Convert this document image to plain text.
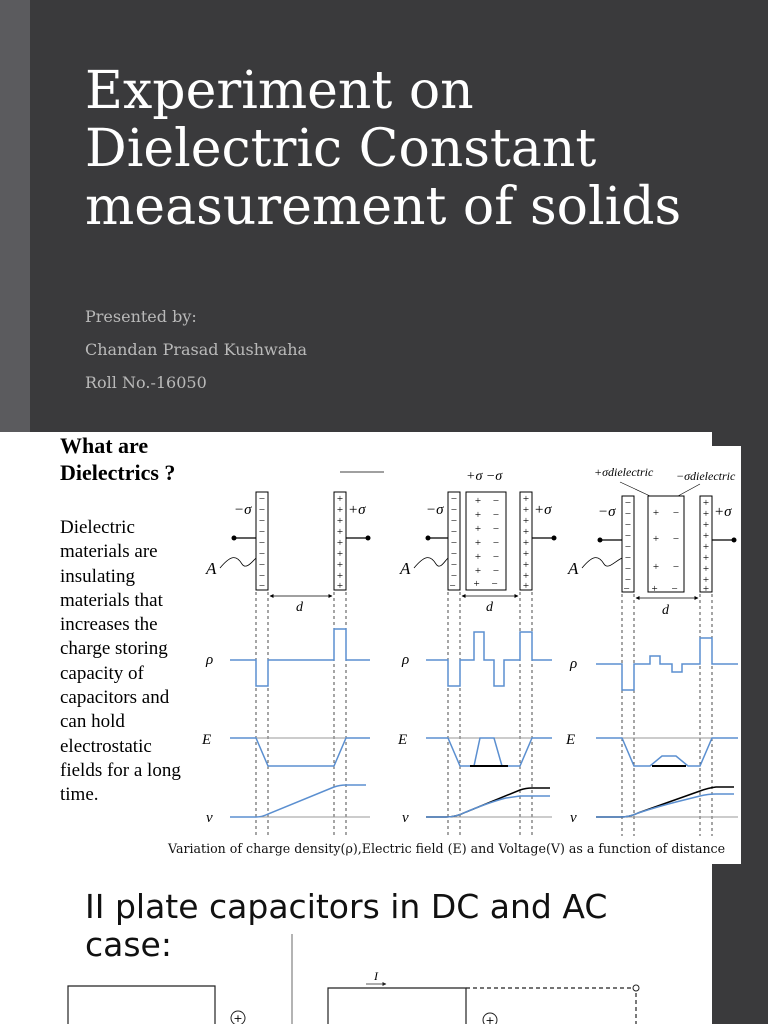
Experiment on Dielectric Constant measurement of solids
Presented by:
Chandan Prasad Kushwaha
Roll No.-16050
What are Dielectrics ?
Dielectric materials are insulating materials that increases the charge storing capacity of capacitors and can hold electrostatic fields for a long time.
− − − − − − − − −
+ + + + + + + + +
−σ	+σ
A
d
ρ
E
v
+σ −σ
− − − − − − − − − + + + + + + + − − − − − − − + + + + + + + + +
−σ	+σ
A
d
ρ
E
v
+σdielectric −σdielectric
− − − − − − − − − + + + + − − − − + + + + + + + + +
−σ	+σ
A
d
ρ
E
v
Variation of charge density(ρ),Electric field (E) and Voltage(V) as a function of distance
II plate capacitors in DC and AC case:
+
I
+
